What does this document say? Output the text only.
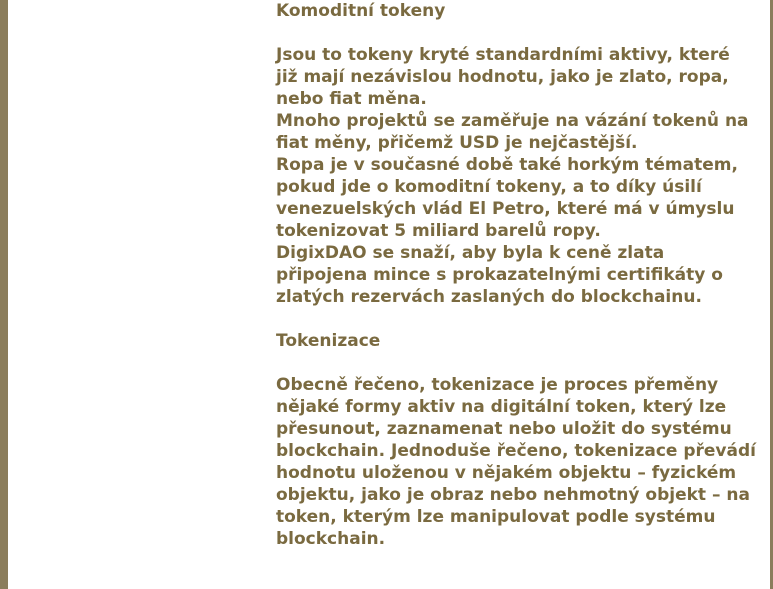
Komoditní tokeny

Jsou to tokeny kryté standardními aktivy, které již mají nezávislou hodnotu, jako je zlato, ropa, nebo fiat měna.

Mnoho projektů se zaměřuje na vázání tokenů na fiat měny, přičemž USD je nejčastější.

Ropa je v současné době také horkým tématem, pokud jde o komoditní tokeny, a to díky úsilí venezuelských vlád El Petro, které má v úmyslu tokenizovat 5 miliard barelů ropy.

DigixDAO se snaží, aby byla k ceně zlata připojena mince s prokazatelnými certifikáty o zlatých rezervách zaslaných do blockchainu.

Tokenizace

Obecně řečeno, tokenizace je proces přeměny nějaké formy aktiv na digitální token, který lze přesunout, zaznamenat nebo uložit do systému blockchain. Jednoduše řečeno, tokenizace převádí hodnotu uloženou v nějakém objektu – fyzickém objektu, jako je obraz nebo nehmotný objekt – na token, kterým lze manipulovat podle systému blockchain.
